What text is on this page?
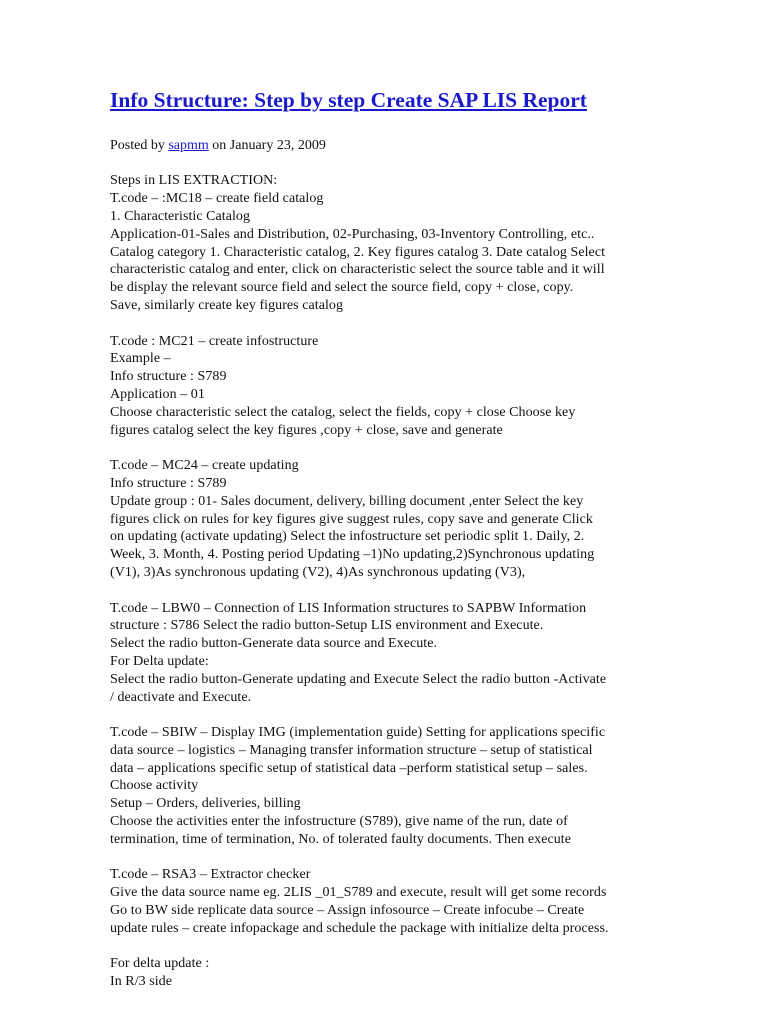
Info Structure: Step by step Create SAP LIS Report
Posted by sapmm on January 23, 2009
Steps in LIS EXTRACTION:
T.code – :MC18 – create field catalog
1. Characteristic Catalog
Application-01-Sales and Distribution, 02-Purchasing, 03-Inventory Controlling, etc..
Catalog category 1. Characteristic catalog, 2. Key figures catalog 3. Date catalog Select
characteristic catalog and enter, click on characteristic select the source table and it will
be display the relevant source field and select the source field, copy + close, copy.
Save, similarly create key figures catalog
T.code : MC21 – create infostructure
Example –
Info structure : S789
Application – 01
Choose characteristic select the catalog, select the fields, copy + close Choose key
figures catalog select the key figures ,copy + close, save and generate
T.code – MC24 – create updating
Info structure : S789
Update group : 01- Sales document, delivery, billing document ,enter Select the key
figures click on rules for key figures give suggest rules, copy save and generate Click
on updating (activate updating) Select the infostructure set periodic split 1. Daily, 2.
Week, 3. Month, 4. Posting period Updating –1)No updating,2)Synchronous updating
(V1), 3)As synchronous updating (V2), 4)As synchronous updating (V3),
T.code – LBW0 – Connection of LIS Information structures to SAPBW Information
structure : S786 Select the radio button-Setup LIS environment and Execute.
Select the radio button-Generate data source and Execute.
For Delta update:
Select the radio button-Generate updating and Execute Select the radio button -Activate
/ deactivate and Execute.
T.code – SBIW – Display IMG (implementation guide) Setting for applications specific
data source – logistics – Managing transfer information structure – setup of statistical
data – applications specific setup of statistical data –perform statistical setup – sales.
Choose activity
Setup – Orders, deliveries, billing
Choose the activities enter the infostructure (S789), give name of the run, date of
termination, time of termination, No. of tolerated faulty documents. Then execute
T.code – RSA3 – Extractor checker
Give the data source name eg. 2LIS _01_S789 and execute, result will get some records
Go to BW side replicate data source – Assign infosource – Create infocube – Create
update rules – create infopackage and schedule the package with initialize delta process.
For delta update :
In R/3 side
